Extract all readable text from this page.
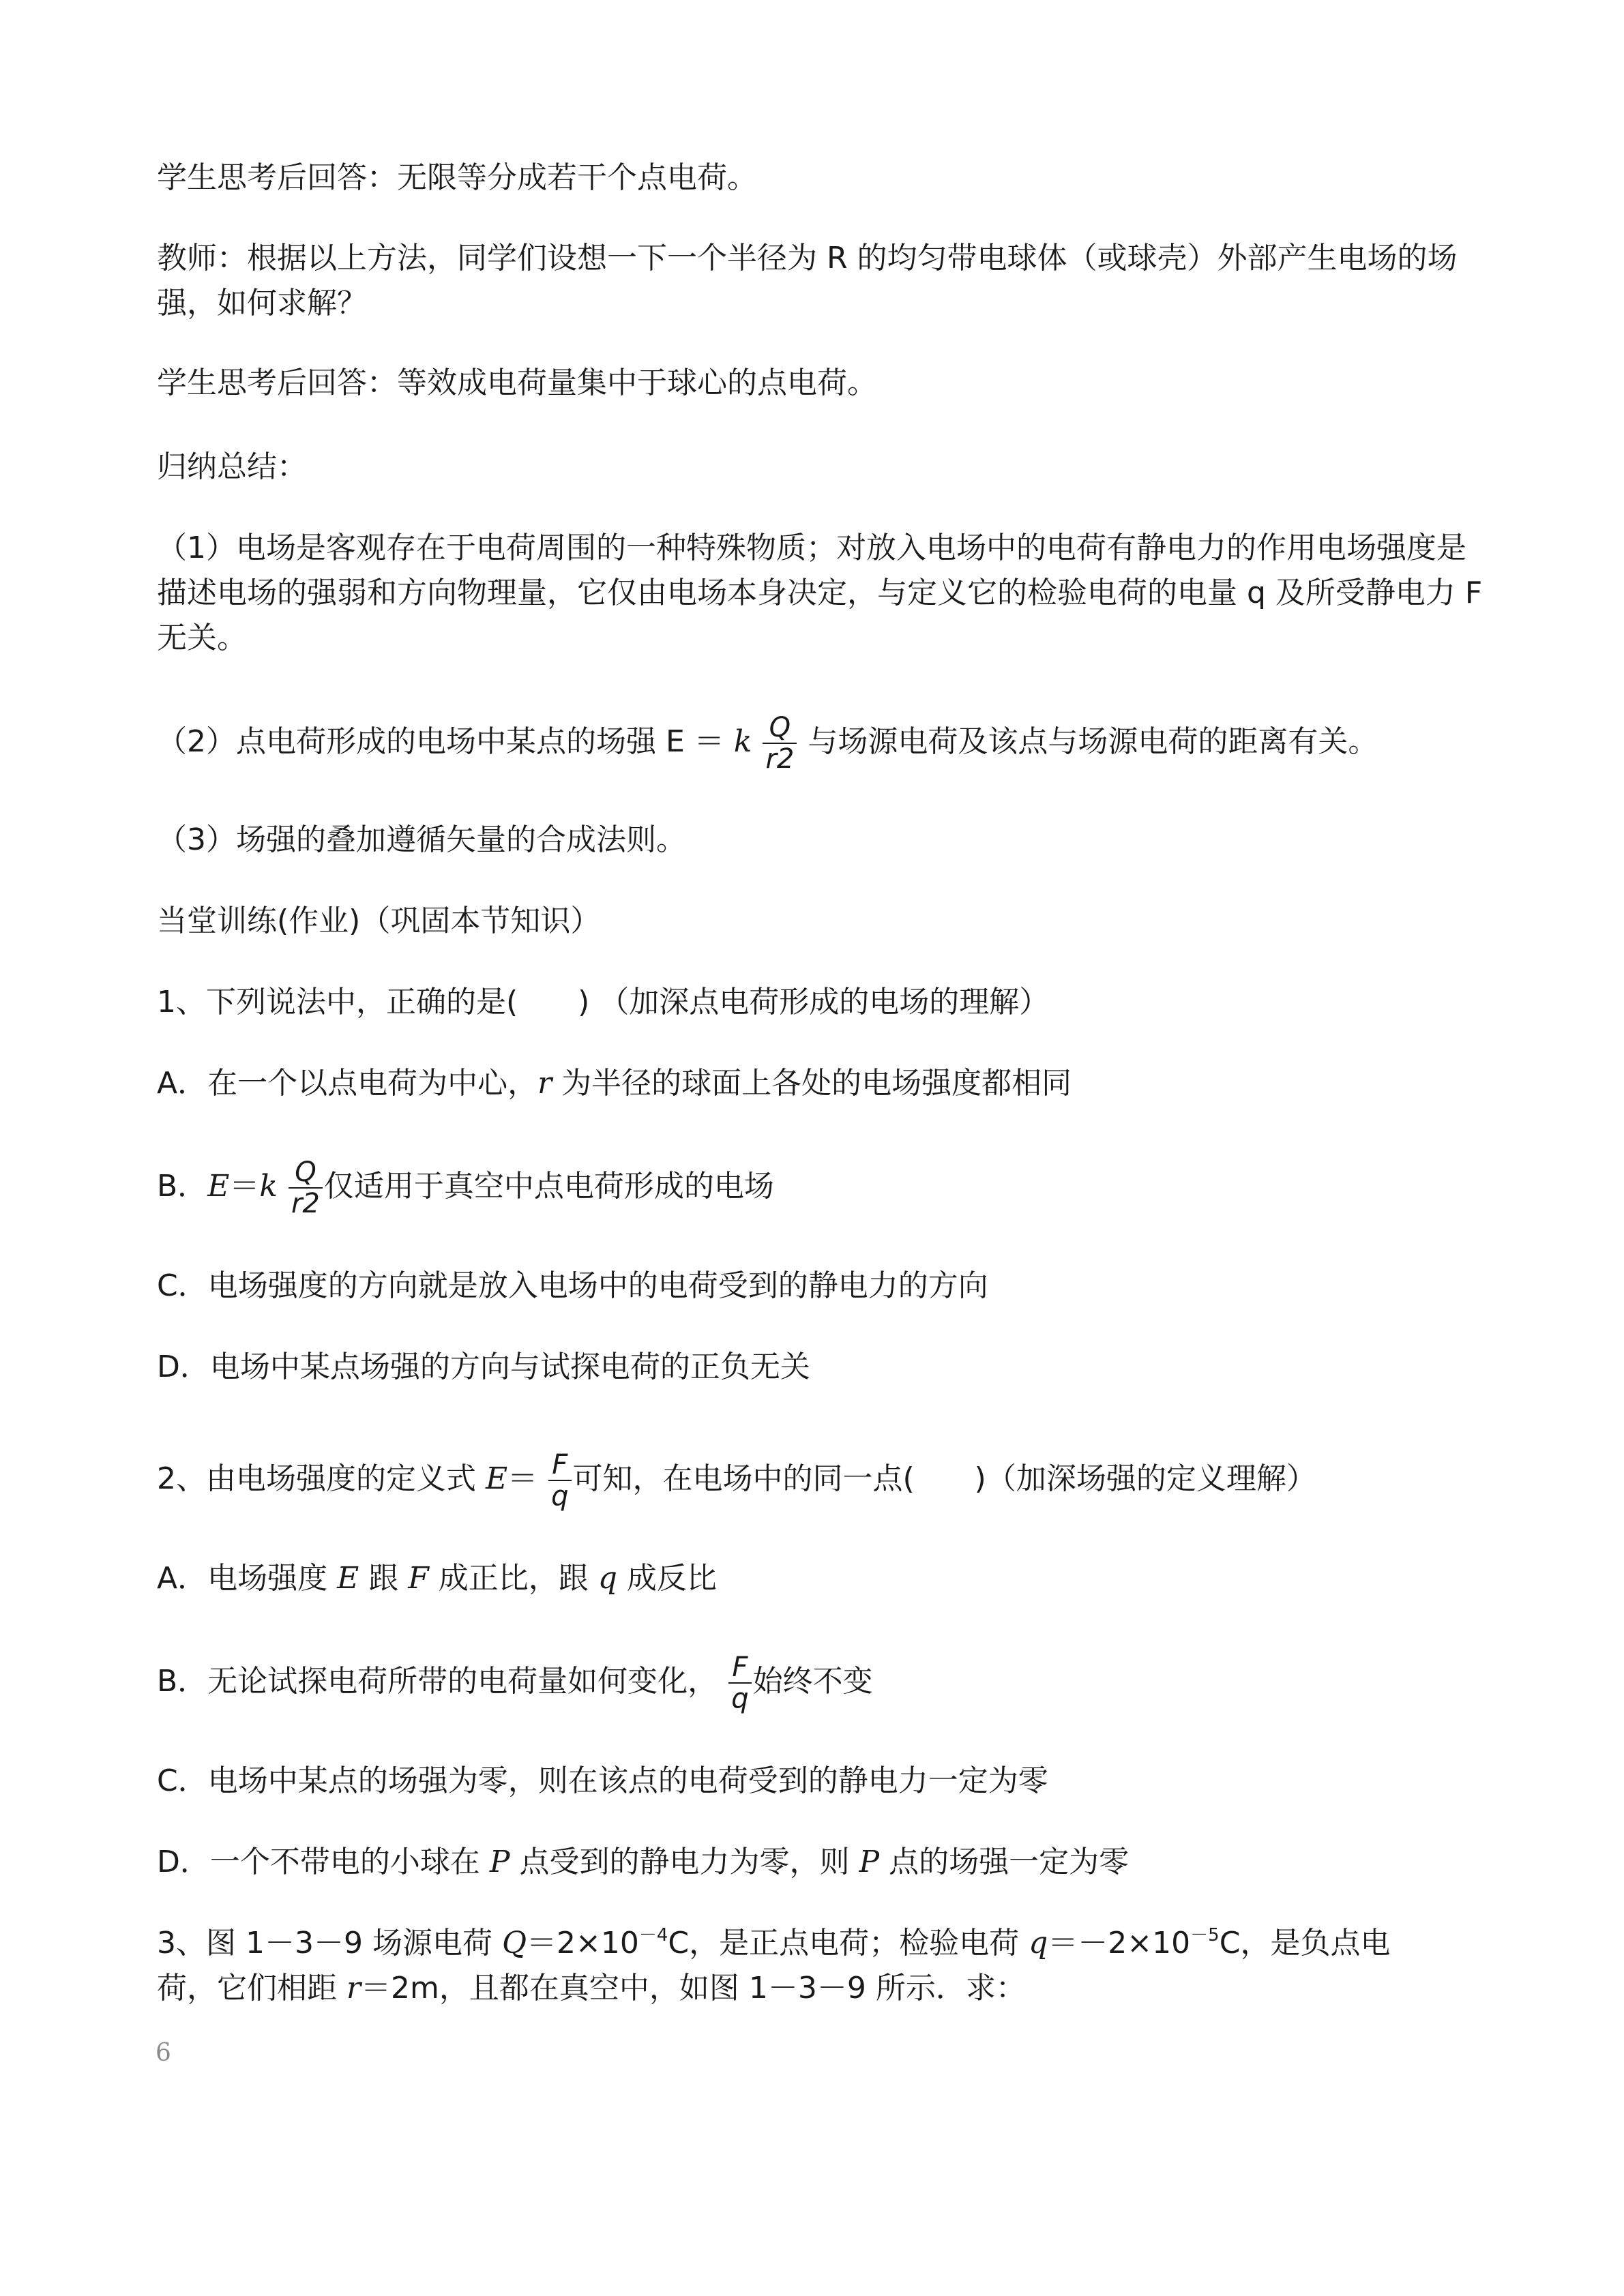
学生思考后回答：无限等分成若干个点电荷。
教师：根据以上方法，同学们设想一下一个半径为 R 的均匀带电球体（或球壳）外部产生电场的场强，如何求解？
学生思考后回答：等效成电荷量集中于球心的点电荷。
归纳总结：
（1）电场是客观存在于电荷周围的一种特殊物质；对放入电场中的电荷有静电力的作用电场强度是描述电场的强弱和方向物理量，它仅由电场本身决定，与定义它的检验电荷的电量 q 及所受静电力 F 无关。
（2）点电荷形成的电场中某点的场强 E ＝ k $\frac{Q}{r2}$ 与场源电荷及该点与场源电荷的距离有关。
（3）场强的叠加遵循矢量的合成法则。
当堂训练(作业)（巩固本节知识）
1、下列说法中，正确的是(　　) （加深点电荷形成的电场的理解）
A．在一个以点电荷为中心，r 为半径的球面上各处的电场强度都相同
B．$E=k \frac{Q}{r2}$ 仅适用于真空中点电荷形成的电场
C．电场强度的方向就是放入电场中的电荷受到的静电力的方向
D．电场中某点场强的方向与试探电荷的正负无关
2、由电场强度的定义式 $E= \frac{F}{q}$ 可知，在电场中的同一点(　　)（加深场强的定义理解）
A．电场强度 E 跟 F 成正比，跟 q 成反比
B．无论试探电荷所带的电荷量如何变化， $\frac{F}{q}$ 始终不变
C．电场中某点的场强为零，则在该点的电荷受到的静电力一定为零
D．一个不带电的小球在 P 点受到的静电力为零，则 P 点的场强一定为零
3、图 1－3－9 场源电荷 $Q=2\times 10^{-4}C$，是正点电荷；检验电荷 $q=-2\times 10^{-5}C$，是负点电
荷，它们相距 r＝2m，且都在真空中，如图 1－3－9 所示．求：
6
